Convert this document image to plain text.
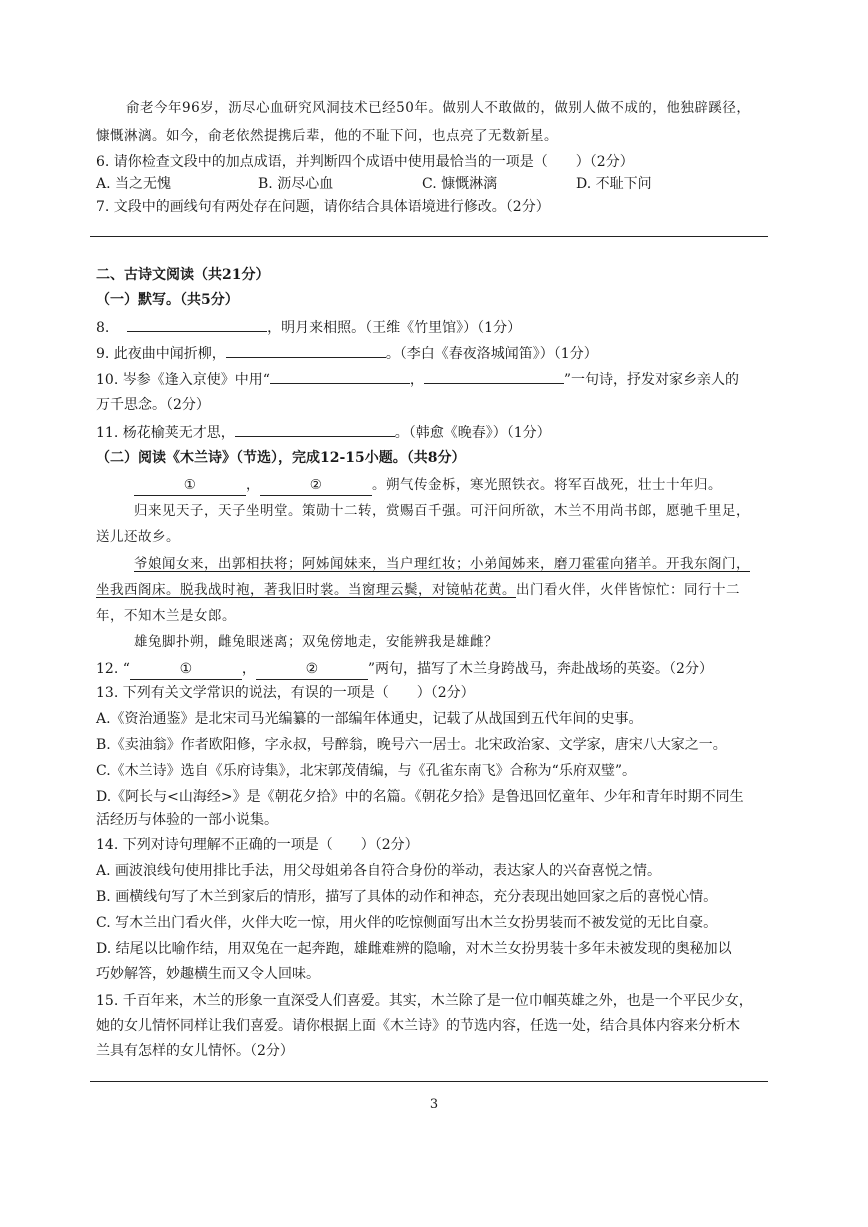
俞老今年96岁，沥尽心血研究风洞技术已经50年。做别人不敢做的，做别人做不成的，他独辟蹊径，
慷慨淋漓。如今，俞老依然提携后辈，他的不耻下问，也点亮了无数新星。
6. 请你检查文段中的加点成语，并判断四个成语中使用最恰当的一项是（　　）（2分）
A. 当之无愧	B. 沥尽心血	C. 慷慨淋漓	D. 不耻下问
7. 文段中的画线句有两处存在问题，请你结合具体语境进行修改。（2分）
二、古诗文阅读（共21分）
（一）默写。（共5分）
8.	，明月来相照。（王维《竹里馆》）（1分）
9. 此夜曲中闻折柳，	。（李白《春夜洛城闻笛》）（1分）
10. 岑参《逢入京使》中用“	，	”一句诗，抒发对家乡亲人的
万千思念。（2分）
11. 杨花榆荚无才思，	。（韩愈《晚春》）（1分）
（二）阅读《木兰诗》（节选），完成12-15小题。（共8分）
①	，	②	。朔气传金柝，寒光照铁衣。将军百战死，壮士十年归。
归来见天子，天子坐明堂。策勋十二转，赏赐百千强。可汗问所欲，木兰不用尚书郎，愿驰千里足，
送儿还故乡。
爷娘闻女来，出郭相扶将；阿姊闻妹来，当户理红妆；小弟闻姊来，磨刀霍霍向猪羊。开我东阁门，
坐我西阁床。脱我战时袍，著我旧时裳。当窗理云鬓，对镜帖花黄。出门看火伴，火伴皆惊忙：同行十二
年，不知木兰是女郎。
雄兔脚扑朔，雌兔眼迷离；双兔傍地走，安能辨我是雄雌？
12. “	①	，	②	”两句，描写了木兰身跨战马，奔赴战场的英姿。（2分）
13. 下列有关文学常识的说法，有误的一项是（　　）（2分）
A.《资治通鉴》是北宋司马光编纂的一部编年体通史，记载了从战国到五代年间的史事。
B.《卖油翁》作者欧阳修，字永叔，号醉翁，晚号六一居士。北宋政治家、文学家，唐宋八大家之一。
C.《木兰诗》选自《乐府诗集》，北宋郭茂倩编，与《孔雀东南飞》合称为“乐府双璧”。
D.《阿长与<山海经>》是《朝花夕拾》中的名篇。《朝花夕拾》是鲁迅回忆童年、少年和青年时期不同生
活经历与体验的一部小说集。
14. 下列对诗句理解不正确的一项是（　　）（2分）
A. 画波浪线句使用排比手法，用父母姐弟各自符合身份的举动，表达家人的兴奋喜悦之情。
B. 画横线句写了木兰到家后的情形，描写了具体的动作和神态，充分表现出她回家之后的喜悦心情。
C. 写木兰出门看火伴，火伴大吃一惊，用火伴的吃惊侧面写出木兰女扮男装而不被发觉的无比自豪。
D. 结尾以比喻作结，用双兔在一起奔跑，雄雌难辨的隐喻，对木兰女扮男装十多年未被发现的奥秘加以
巧妙解答，妙趣横生而又令人回味。
15. 千百年来，木兰的形象一直深受人们喜爱。其实，木兰除了是一位巾帼英雄之外，也是一个平民少女，
她的女儿情怀同样让我们喜爱。请你根据上面《木兰诗》的节选内容，任选一处，结合具体内容来分析木
兰具有怎样的女儿情怀。（2分）
3
